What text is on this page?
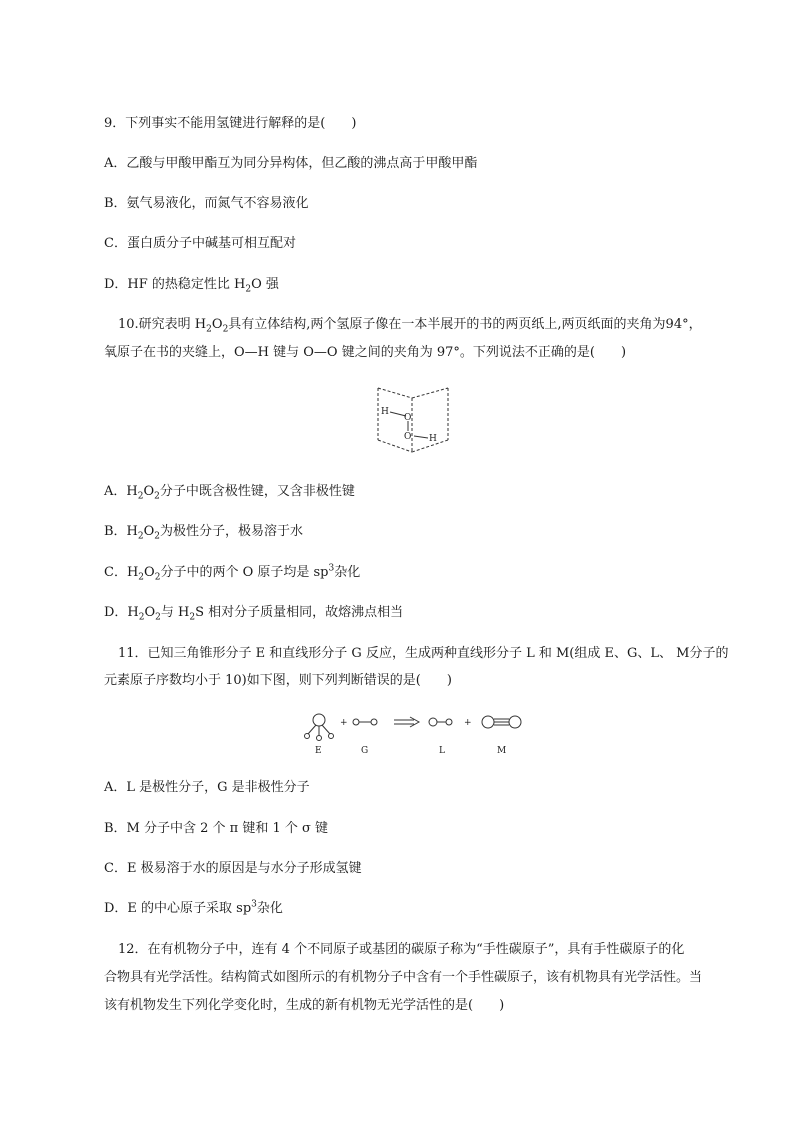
9．下列事实不能用氢键进行解释的是(　　)
A．乙酸与甲酸甲酯互为同分异构体，但乙酸的沸点高于甲酸甲酯
B．氨气易液化，而氮气不容易液化
C．蛋白质分子中碱基可相互配对
D．HF 的热稳定性比 $H_2O$ 强
10.研究表明 $H_2O_2$具有立体结构,两个氢原子像在一本半展开的书的两页纸上,两页纸面的夹角为94°，
氧原子在书的夹缝上，O—H 键与 O—O 键之间的夹角为 97°。下列说法不正确的是(　　)
H
O
O H
A．$H_2O_2$分子中既含极性键，又含非极性键
B．$H_2O_2$为极性分子，极易溶于水
C．$H_2O_2$分子中的两个 O 原子均是 $sp^3$杂化
D．$H_2O_2$与 $H_2S$ 相对分子质量相同，故熔沸点相当
11．已知三角锥形分子 E 和直线形分子 G 反应，生成两种直线形分子 L 和 M(组成 E、G、L、 M分子的
元素原子序数均小于 10)如下图，则下列判断错误的是(　　)
+	+
E	G	L	M
A．L 是极性分子，G 是非极性分子
B．M 分子中含 2 个 π 键和 1 个 σ 键
C．E 极易溶于水的原因是与水分子形成氢键
D．E 的中心原子采取 $sp^3$杂化
12．在有机物分子中，连有 4 个不同原子或基团的碳原子称为“手性碳原子”，具有手性碳原子的化
合物具有光学活性。结构简式如图所示的有机物分子中含有一个手性碳原子，该有机物具有光学活性。当
该有机物发生下列化学变化时，生成的新有机物无光学活性的是(　　)
